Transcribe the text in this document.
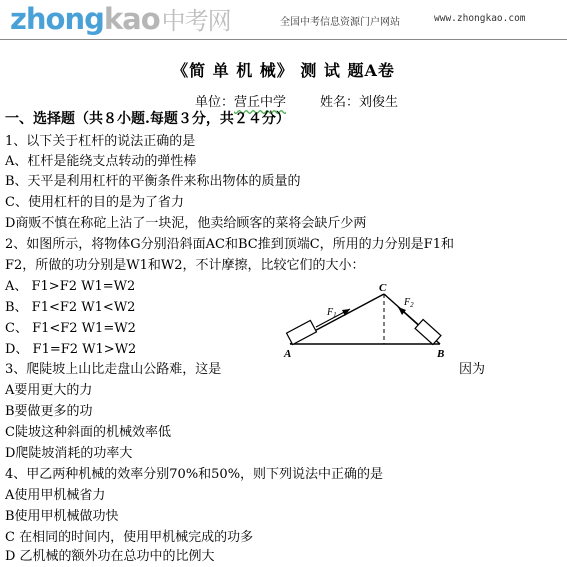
zhongkao中考网	全国中考信息资源门户网站	www.zhongkao.com
《简 单 机 械》 测 试 题A卷
单位：营丘中学	姓名：刘俊生
一、选择题（共８小题.每题３分，共２４分）
1、以下关于杠杆的说法正确的是
A、杠杆是能绕支点转动的弹性棒
B、天平是利用杠杆的平衡条件来称出物体的质量的
C、使用杠杆的目的是为了省力
D商贩不慎在称砣上沾了一块泥，他卖给顾客的菜将会缺斤少两
2、如图所示，将物体G分别沿斜面AC和BC推到顶端C，所用的力分别是F1和
F2，所做的功分别是W1和W2，不计摩擦，比较它们的大小：
A、 F1>F2 W1=W2
B、 F1<F2 W1<W2
C、 F1<F2 W1=W2
D、 F1=F2 W1>W2
3、爬陡坡上山比走盘山公路难，这是	因为
A要用更大的力
B要做更多的功
C陡坡这种斜面的机械效率低
D爬陡坡消耗的功率大
4、甲乙两种机械的效率分别70%和50%，则下列说法中正确的是
A使用甲机械省力
B使用甲机械做功快
C 在相同的时间内，使用甲机械完成的功多
D 乙机械的额外功在总功中的比例大
A	B
C
$F_1$
$F_2$
